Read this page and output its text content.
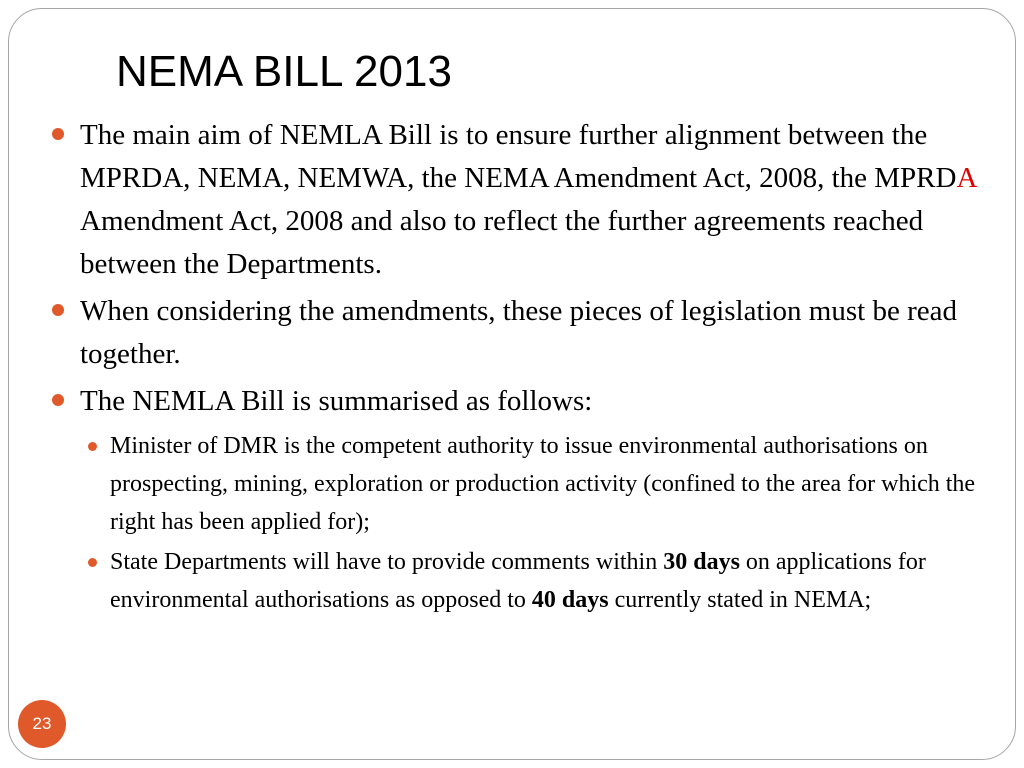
NEMA BILL 2013
The main aim of NEMLA Bill is to ensure further alignment between the MPRDA, NEMA, NEMWA, the NEMA Amendment Act, 2008, the MPRDA Amendment Act, 2008 and also to reflect the further agreements reached between the Departments.
When considering the amendments, these pieces of legislation must be read together.
The NEMLA Bill is summarised as follows:
Minister of DMR is the competent authority to issue environmental authorisations on prospecting, mining, exploration or production activity (confined to the area for which the right has been applied for);
State Departments will have to provide comments within 30 days on applications for environmental authorisations as opposed to 40 days currently stated in NEMA;
23
